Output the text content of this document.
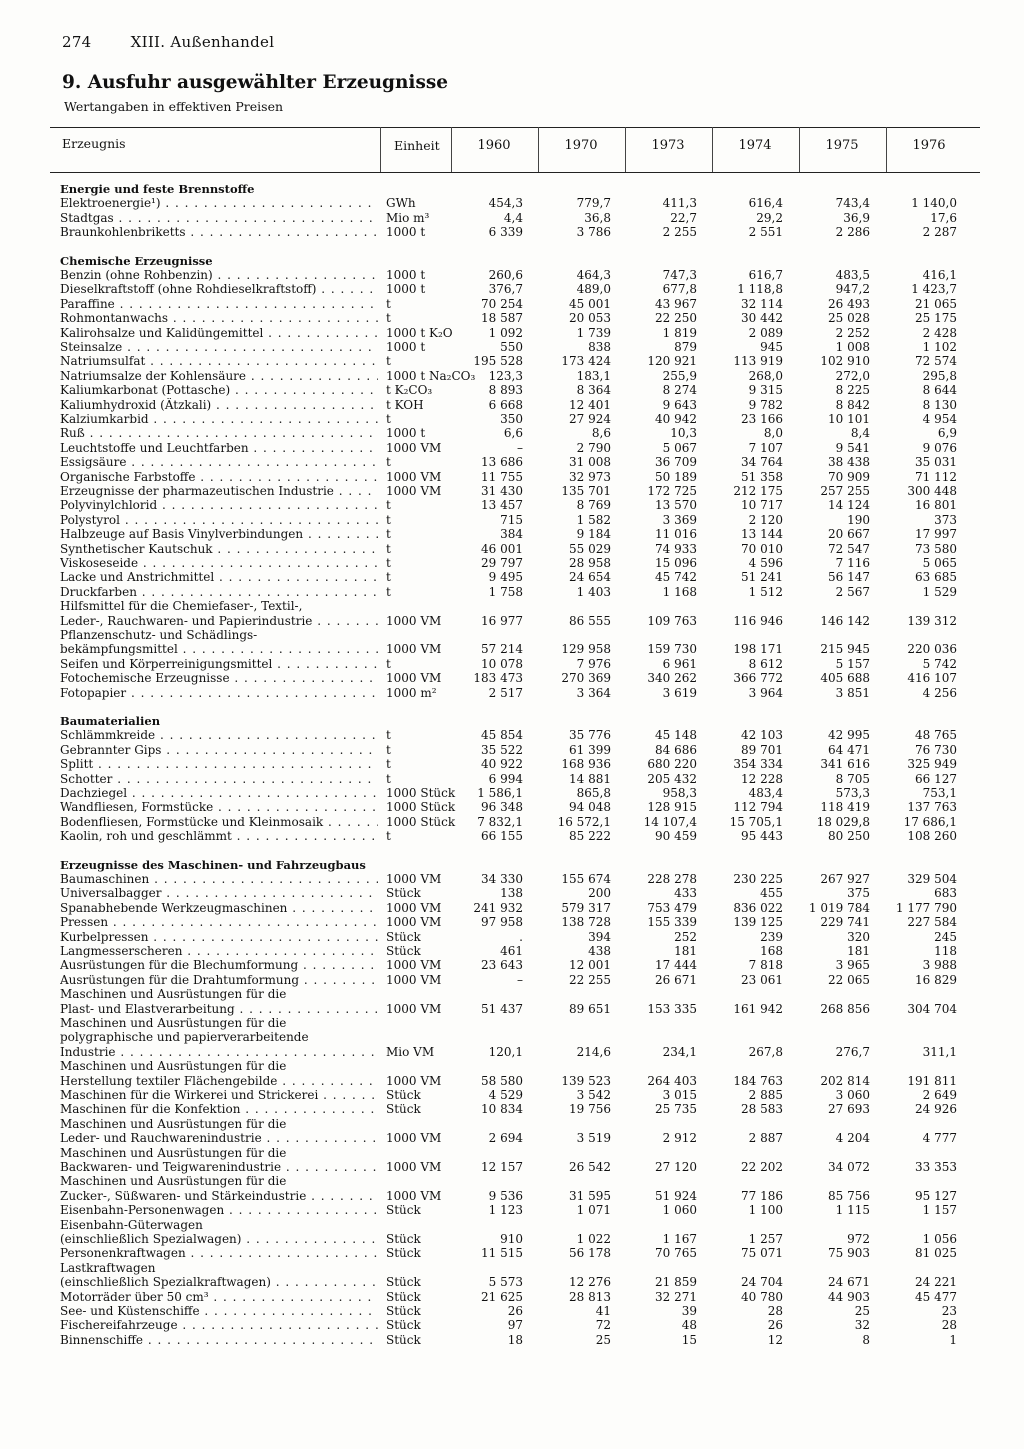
274	XIII. Außenhandel
9. Ausfuhr ausgewählter Erzeugnisse
Wertangaben in effektiven Preisen
Erzeugnis	Einheit	1960	1970	1973	1974	1975	1976
Energie und feste Brennstoffe
Elektroenergie¹) . . .	GWh	454,3	779,7	411,3	616,4	743,4	1 140,0
Stadtgas . . .	Mio m³	4,4	36,8	22,7	29,2	36,9	17,6
Braunkohlenbriketts . . .	1000 t	6 339	3 786	2 255	2 551	2 286	2 287
Chemische Erzeugnisse
Benzin (ohne Rohbenzin) . . .	1000 t	260,6	464,3	747,3	616,7	483,5	416,1
Dieselkraftstoff (ohne Rohdieselkraftstoff) . . .	1000 t	376,7	489,0	677,8	1 118,8	947,2	1 423,7
Paraffine . . .	t	70 254	45 001	43 967	32 114	26 493	21 065
Rohmontanwachs . . .	t	18 587	20 053	22 250	30 442	25 028	25 175
Kalirohsalze und Kalidüngemittel . . .	1000 t K₂O	1 092	1 739	1 819	2 089	2 252	2 428
Steinsalze . . .	1000 t	550	838	879	945	1 008	1 102
Natriumsulfat . . .	t	195 528	173 424	120 921	113 919	102 910	72 574
Natriumsalze der Kohlensäure . . .	1000 t Na₂CO₃	123,3	183,1	255,9	268,0	272,0	295,8
Kaliumkarbonat (Pottasche) . . .	t K₂CO₃	8 893	8 364	8 274	9 315	8 225	8 644
Kaliumhydroxid (Ätzkali) . . .	t KOH	6 668	12 401	9 643	9 782	8 842	8 130
Kalziumkarbid . . .	t	350	27 924	40 942	23 166	10 101	4 954
Ruß . . .	1000 t	6,6	8,6	10,3	8,0	8,4	6,9
Leuchtstoffe und Leuchtfarben . . .	1000 VM	–	2 790	5 067	7 107	9 541	9 076
Essigsäure . . .	t	13 686	31 008	36 709	34 764	38 438	35 031
Organische Farbstoffe . . .	1000 VM	11 755	32 973	50 189	51 358	70 909	71 112
Erzeugnisse der pharmazeutischen Industrie . . .	1000 VM	31 430	135 701	172 725	212 175	257 255	300 448
Polyvinylchlorid . . .	t	13 457	8 769	13 570	10 717	14 124	16 801
Polystyrol . . .	t	715	1 582	3 369	2 120	190	373
Halbzeuge auf Basis Vinylverbindungen . . .	t	384	9 184	11 016	13 144	20 667	17 997
Synthetischer Kautschuk . . .	t	46 001	55 029	74 933	70 010	72 547	73 580
Viskoseseide . . .	t	29 797	28 958	15 096	4 596	7 116	5 065
Lacke und Anstrichmittel . . .	t	9 495	24 654	45 742	51 241	56 147	63 685
Druckfarben . . .	t	1 758	1 403	1 168	1 512	2 567	1 529
Hilfsmittel für die Chemiefaser-, Textil-,
Leder-, Rauchwaren- und Papierindustrie . . .	1000 VM	16 977	86 555	109 763	116 946	146 142	139 312
Pflanzenschutz- und Schädlings-
bekämpfungsmittel . . .	1000 VM	57 214	129 958	159 730	198 171	215 945	220 036
Seifen und Körperreinigungsmittel . . .	t	10 078	7 976	6 961	8 612	5 157	5 742
Fotochemische Erzeugnisse . . .	1000 VM	183 473	270 369	340 262	366 772	405 688	416 107
Fotopapier . . .	1000 m²	2 517	3 364	3 619	3 964	3 851	4 256
Baumaterialien
Schlämmkreide . . .	t	45 854	35 776	45 148	42 103	42 995	48 765
Gebrannter Gips . . .	t	35 522	61 399	84 686	89 701	64 471	76 730
Splitt . . .	t	40 922	168 936	680 220	354 334	341 616	325 949
Schotter . . .	t	6 994	14 881	205 432	12 228	8 705	66 127
Dachziegel . . .	1000 Stück	1 586,1	865,8	958,3	483,4	573,3	753,1
Wandfliesen, Formstücke . . .	1000 Stück	96 348	94 048	128 915	112 794	118 419	137 763
Bodenfliesen, Formstücke und Kleinmosaik . . .	1000 Stück	7 832,1	16 572,1	14 107,4	15 705,1	18 029,8	17 686,1
Kaolin, roh und geschlämmt . . .	t	66 155	85 222	90 459	95 443	80 250	108 260
Erzeugnisse des Maschinen- und Fahrzeugbaus
Baumaschinen . . .	1000 VM	34 330	155 674	228 278	230 225	267 927	329 504
Universalbagger . . .	Stück	138	200	433	455	375	683
Spanabhebende Werkzeugmaschinen . . .	1000 VM	241 932	579 317	753 479	836 022	1 019 784	1 177 790
Pressen . . .	1000 VM	97 958	138 728	155 339	139 125	229 741	227 584
Kurbelpressen . . .	Stück	.	394	252	239	320	245
Langmesserscheren . . .	Stück	461	438	181	168	181	118
Ausrüstungen für die Blechumformung . . .	1000 VM	23 643	12 001	17 444	7 818	3 965	3 988
Ausrüstungen für die Drahtumformung . . .	1000 VM	–	22 255	26 671	23 061	22 065	16 829
Maschinen und Ausrüstungen für die
Plast- und Elastverarbeitung . . .	1000 VM	51 437	89 651	153 335	161 942	268 856	304 704
Maschinen und Ausrüstungen für die
polygraphische und papierverarbeitende
Industrie . . .	Mio VM	120,1	214,6	234,1	267,8	276,7	311,1
Maschinen und Ausrüstungen für die
Herstellung textiler Flächengebilde . . .	1000 VM	58 580	139 523	264 403	184 763	202 814	191 811
Maschinen für die Wirkerei und Strickerei . . .	Stück	4 529	3 542	3 015	2 885	3 060	2 649
Maschinen für die Konfektion . . .	Stück	10 834	19 756	25 735	28 583	27 693	24 926
Maschinen und Ausrüstungen für die
Leder- und Rauchwarenindustrie . . .	1000 VM	2 694	3 519	2 912	2 887	4 204	4 777
Maschinen und Ausrüstungen für die
Backwaren- und Teigwarenindustrie . . .	1000 VM	12 157	26 542	27 120	22 202	34 072	33 353
Maschinen und Ausrüstungen für die
Zucker-, Süßwaren- und Stärkeindustrie . . .	1000 VM	9 536	31 595	51 924	77 186	85 756	95 127
Eisenbahn-Personenwagen . . .	Stück	1 123	1 071	1 060	1 100	1 115	1 157
Eisenbahn-Güterwagen
(einschließlich Spezialwagen) . . .	Stück	910	1 022	1 167	1 257	972	1 056
Personenkraftwagen . . .	Stück	11 515	56 178	70 765	75 071	75 903	81 025
Lastkraftwagen
(einschließlich Spezialkraftwagen) . . .	Stück	5 573	12 276	21 859	24 704	24 671	24 221
Motorräder über 50 cm³ . . .	Stück	21 625	28 813	32 271	40 780	44 903	45 477
See- und Küstenschiffe . . .	Stück	26	41	39	28	25	23
Fischereifahrzeuge . . .	Stück	97	72	48	26	32	28
Binnenschiffe . . .	Stück	18	25	15	12	8	1
